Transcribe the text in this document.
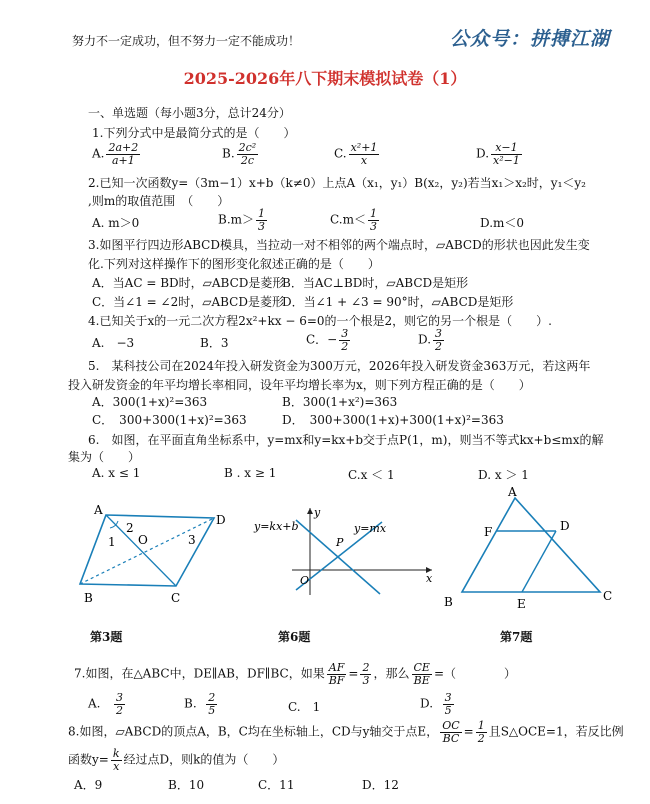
努力不一定成功，但不努力一定不能成功！	公众号：拼搏江湖
2025-2026年八下期末模拟试卷（1）
一、单选题（每小题3分，总计24分）
1.下列分式中是最简分式的是（　　）
A. $\frac{2a+2}{a+1}$	B. $\frac{\text{2c²}}{2c}$	C. $\frac{\text{x²+1}}{x}$	D. $\frac{x-1}{\text{x²−1}}$
2.已知一次函数y=（3m−1）x+b（k≠0）上点A（x₁，y₁）B(x₂，y₂)若当x₁＞x₂时，y₁＜y₂
,则m的取值范围　（　　）
A. m＞0	$B.m> \frac{1}{3}$	$C.m< \frac{1}{3}$	D.m＜0
3.如图平行四边形ABCD模具，当拉动一对不相邻的两个端点时，▱ABCD的形状也因此发生变
化.下列对这样操作下的图形变化叙述正确的是（　　）
A．当AC = BD时，▱ABCD是菱形
B．当AC⊥BD时，▱ABCD是矩形
C．当∠1 = ∠2时，▱ABCD是菱形
D．当∠1 + ∠3 = 90°时，▱ABCD是矩形
4.已知关于x的一元二次方程2x²+kx − 6=0的一个根是2，则它的另一个根是（　　）.
A.　−3	B．3	C．− $\frac{3}{2}$	D. $\frac{3}{2}$
5.　某科技公司在2024年投入研发资金为300万元，2026年投入研发资金363万元，若这两年
投入研发资金的年平均增长率相同，设年平均增长率为x，则下列方程正确的是（　　）
A．300(1+x)²=363	B．300(1+x²)=363
C．　300+300(1+x)²=363	D．　300+300(1+x)+300(1+x)²=363
6.　如图，在平面直角坐标系中，y=mx和y=kx+b交于点P(1，m)，则当不等式kx+b≤mx的解
集为（　　）
A. x ≤ 1	B . x ≥ 1	C.x ＜ 1	D. x ＞ 1
A
B	C
D
O
1
2
3
第3题
y=kx+b	y=mx
P
O
y
x
第6题
A
B	C
D
E
F
第7题
7.如图，在△ABC中，DE∥AB，DF∥BC，如果 $\frac{AF}{BF} = \frac{2}{3}$ ，那么 $\frac{CE}{BE}$ =（　　　　）
A. $\frac{3}{2}$	B. $\frac{2}{5}$	C.　1	D. $\frac{3}{5}$
8.如图，▱ABCD的顶点A，B，C均在坐标轴上，CD与y轴交于点E， $\frac{OC}{BC} = \frac{1}{2}$ 且S△OCE=1，若反比例
函数$y= \frac{k}{x}$ 经过点D，则k的值为（　　）
A．9	B．10	C．11	D．12
